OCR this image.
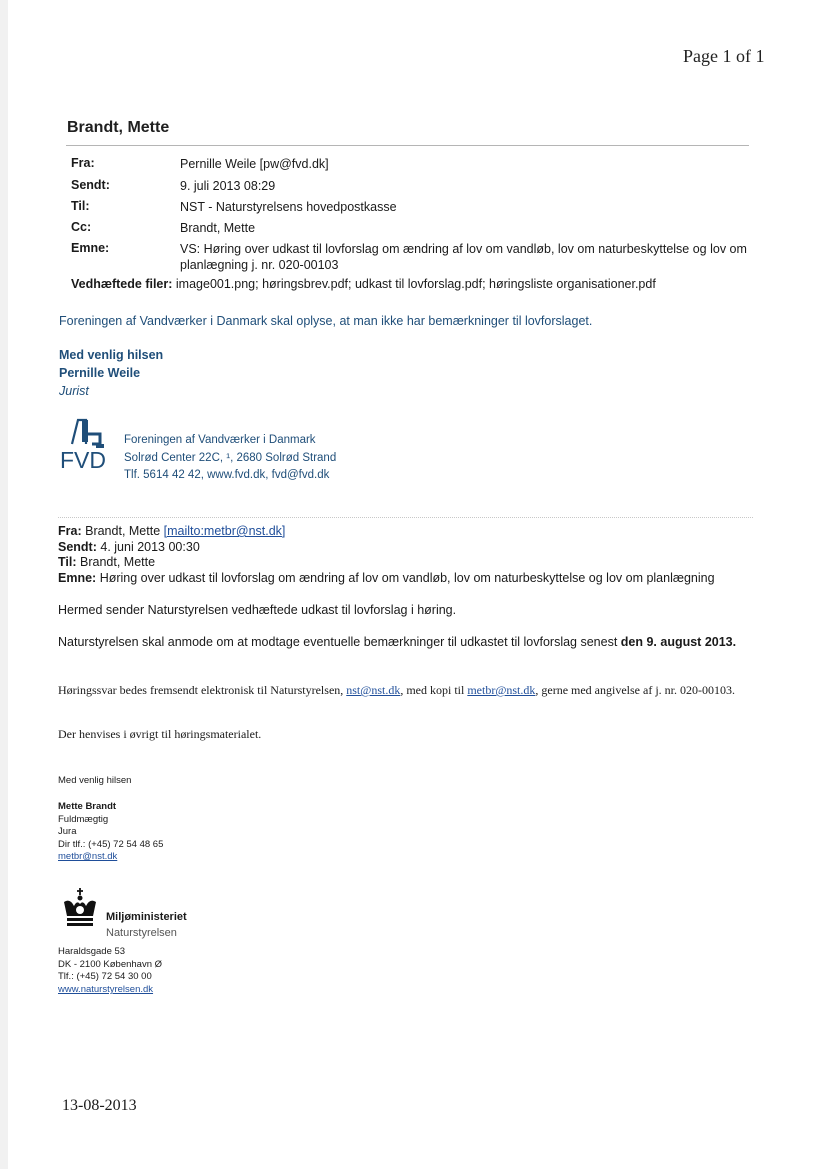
Page 1 of 1
Brandt, Mette
Fra:	Pernille Weile [pw@fvd.dk]
Sendt:	9. juli 2013 08:29
Til:	NST - Naturstyrelsens hovedpostkasse
Cc:	Brandt, Mette
Emne:	VS: Høring over udkast til lovforslag om ændring af lov om vandløb, lov om naturbeskyttelse og lov om planlægning j. nr. 020-00103
Vedhæftede filer: image001.png; høringsbrev.pdf; udkast til lovforslag.pdf; høringsliste organisationer.pdf
Foreningen af Vandværker i Danmark skal oplyse, at man ikke har bemærkninger til lovforslaget.
Med venlig hilsen
Pernille Weile
Jurist
FVD
Foreningen af Vandværker i Danmark
Solrød Center 22C, ¹, 2680 Solrød Strand
Tlf. 5614 42 42, www.fvd.dk, fvd@fvd.dk
Fra: Brandt, Mette [mailto:metbr@nst.dk]
Sendt: 4. juni 2013 00:30
Til: Brandt, Mette
Emne: Høring over udkast til lovforslag om ændring af lov om vandløb, lov om naturbeskyttelse og lov om planlægning
Hermed sender Naturstyrelsen vedhæftede udkast til lovforslag i høring.
Naturstyrelsen skal anmode om at modtage eventuelle bemærkninger til udkastet til lovforslag senest den 9. august 2013.
Høringssvar bedes fremsendt elektronisk til Naturstyrelsen, nst@nst.dk, med kopi til metbr@nst.dk, gerne med angivelse af j. nr. 020-00103.
Der henvises i øvrigt til høringsmaterialet.
Med venlig hilsen
Mette Brandt
Fuldmægtig
Jura
Dir tlf.: (+45) 72 54 48 65
metbr@nst.dk
Miljøministeriet
Naturstyrelsen
Haraldsgade 53
DK - 2100 København Ø
Tlf.: (+45) 72 54 30 00
www.naturstyrelsen.dk
13-08-2013
